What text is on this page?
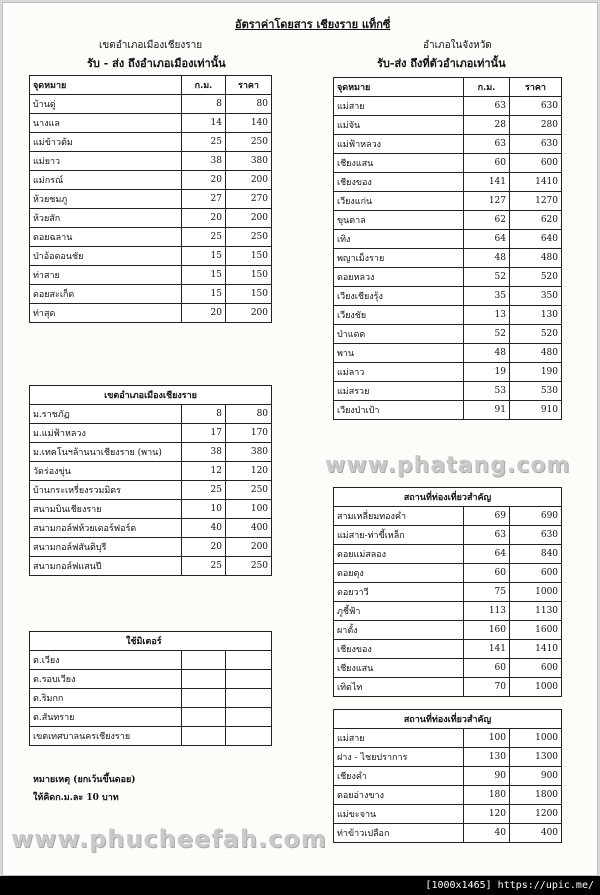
อัตราค่าโดยสาร เชียงราย แท็กซี่
เขตอำเภอเมืองเชียงราย
รับ - ส่ง ถึงอำเภอเมืองเท่านั้น
อำเภอในจังหวัด
รับ-ส่ง ถึงที่ตัวอำเภอเท่านั้น
จุดหมาย	ก.ม.	ราคา
บ้านดู่	8	80
นางแล	14	140
แม่ข้าวต้ม	25	250
แม่ยาว	38	380
แม่กรณ์	20	200
ห้วยชมภู	27	270
ห้วยสัก	20	200
ดอยฉลาน	25	250
ป่าอ้อดอนชัย	15	150
ท่าสาย	15	150
ดอยสะเก็ด	15	150
ท่าสุด	20	200
เขตอำเภอเมืองเชียงราย		
ม.ราชภัฏ	8	80
ม.แม่ฟ้าหลวง	17	170
ม.เทคโนฯล้านนาเชียงราย (พาน)	38	380
วัดร่องขุ่น	12	120
บ้านกระเหรี่ยงรวมมิตร	25	250
สนามบินเชียงราย	10	100
สนามกอล์ฟห้วยเดอร์ฟอร์ด	40	400
สนามกอล์ฟสันติบุรี	20	200
สนามกอล์ฟแสนปี	25	250
ใช้มิเตอร์		
ต.เวียง		
ต.รอบเวียง		
ต.ริมกก		
ต.สันทราย		
เขตเทศบาลนครเชียงราย		
หมายเหตุ (ยกเว้นขึ้นดอย)
ให้คิดก.ม.ละ 10 บาท
จุดหมาย	ก.ม.	ราคา
แม่สาย	63	630
แม่จัน	28	280
แม่ฟ้าหลวง	63	630
เชียงแสน	60	600
เชียงของ	141	1410
เวียงแก่น	127	1270
ขุนตาล	62	620
เทิง	64	640
พญาเม็งราย	48	480
ดอยหลวง	52	520
เวียงเชียงรุ้ง	35	350
เวียงชัย	13	130
ป่าแดด	52	520
พาน	48	480
แม่ลาว	19	190
แม่สรวย	53	530
เวียงป่าเป้า	91	910
สถานที่ท่องเที่ยวสำคัญ		
สามเหลี่ยมทองคำ	69	690
แม่สาย-ท่าขี้เหล็ก	63	630
ดอยแม่สลอง	64	840
ดอยตุง	60	600
ดอยวาวี	75	1000
ภูชี้ฟ้า	113	1130
ผาตั้ง	160	1600
เชียงของ	141	1410
เชียงแสน	60	600
เทิดไท	70	1000
สถานที่ท่องเที่ยวสำคัญ		
แม่สาย	100	1000
ฝาง - ไชยปราการ	130	1300
เชียงคำ	90	900
ดอยอ่างขาง	180	1800
แม่ขะจาน	120	1200
ท่าข้าวเปลือก	40	400
www.phatang.com
www.phucheefah.com
[1000x1465] https://upic.me/
